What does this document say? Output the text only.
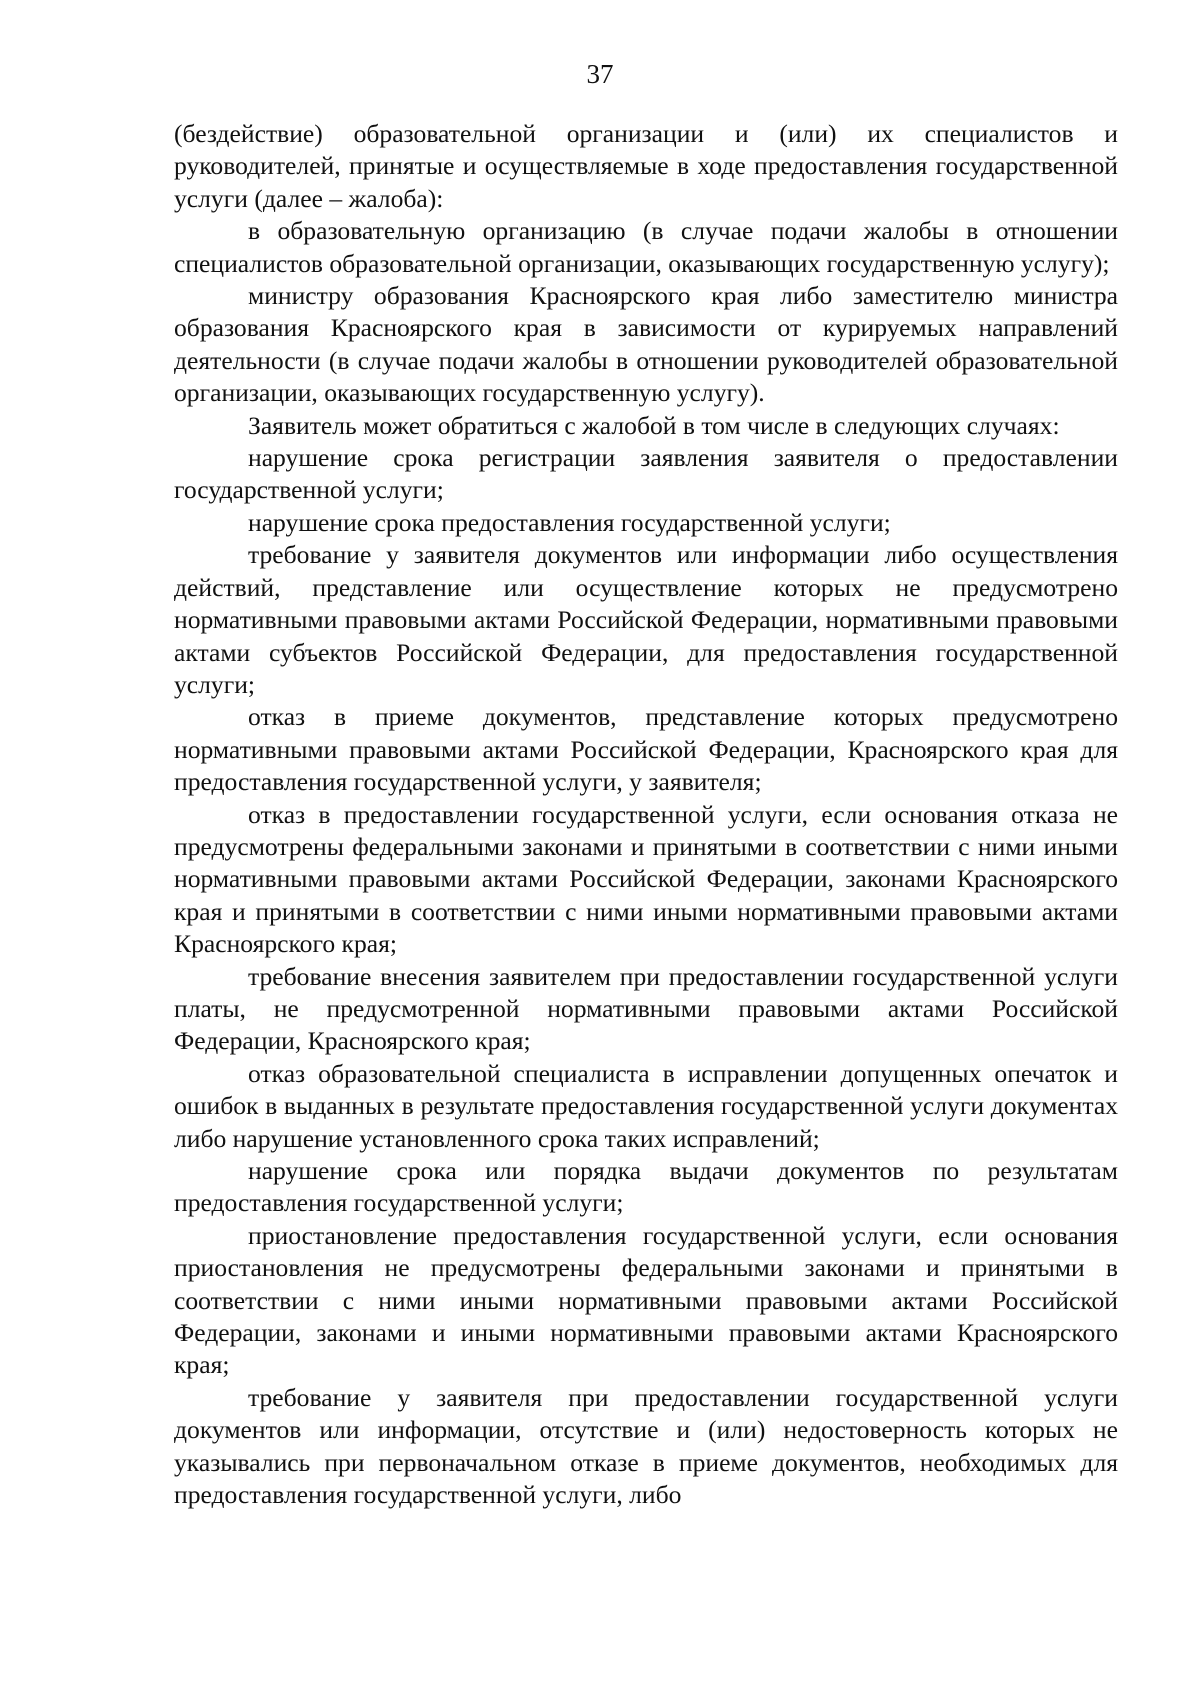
37

(бездействие) образовательной организации и (или) их специалистов и руководителей, принятые и осуществляемые в ходе предоставления государственной услуги (далее – жалоба):

в образовательную организацию (в случае подачи жалобы в отношении специалистов образовательной организации, оказывающих государственную услугу);

министру образования Красноярского края либо заместителю министра образования Красноярского края в зависимости от курируемых направлений деятельности (в случае подачи жалобы в отношении руководителей образовательной организации, оказывающих государственную услугу).

Заявитель может обратиться с жалобой в том числе в следующих случаях:

нарушение срока регистрации заявления заявителя о предоставлении государственной услуги;

нарушение срока предоставления государственной услуги;

требование у заявителя документов или информации либо осуществления действий, представление или осуществление которых не предусмотрено нормативными правовыми актами Российской Федерации, нормативными правовыми актами субъектов Российской Федерации, для предоставления государственной услуги;

отказ в приеме документов, представление которых предусмотрено нормативными правовыми актами Российской Федерации, Красноярского края для предоставления государственной услуги, у заявителя;

отказ в предоставлении государственной услуги, если основания отказа не предусмотрены федеральными законами и принятыми в соответствии с ними иными нормативными правовыми актами Российской Федерации, законами Красноярского края и принятыми в соответствии с ними иными нормативными правовыми актами Красноярского края;

требование внесения заявителем при предоставлении государственной услуги платы, не предусмотренной нормативными правовыми актами Российской Федерации, Красноярского края;

отказ образовательной специалиста в исправлении допущенных опечаток и ошибок в выданных в результате предоставления государственной услуги документах либо нарушение установленного срока таких исправлений;

нарушение срока или порядка выдачи документов по результатам предоставления государственной услуги;

приостановление предоставления государственной услуги, если основания приостановления не предусмотрены федеральными законами и принятыми в соответствии с ними иными нормативными правовыми актами Российской Федерации, законами и иными нормативными правовыми актами Красноярского края;

требование у заявителя при предоставлении государственной услуги документов или информации, отсутствие и (или) недостоверность которых не указывались при первоначальном отказе в приеме документов, необходимых для предоставления государственной услуги, либо
